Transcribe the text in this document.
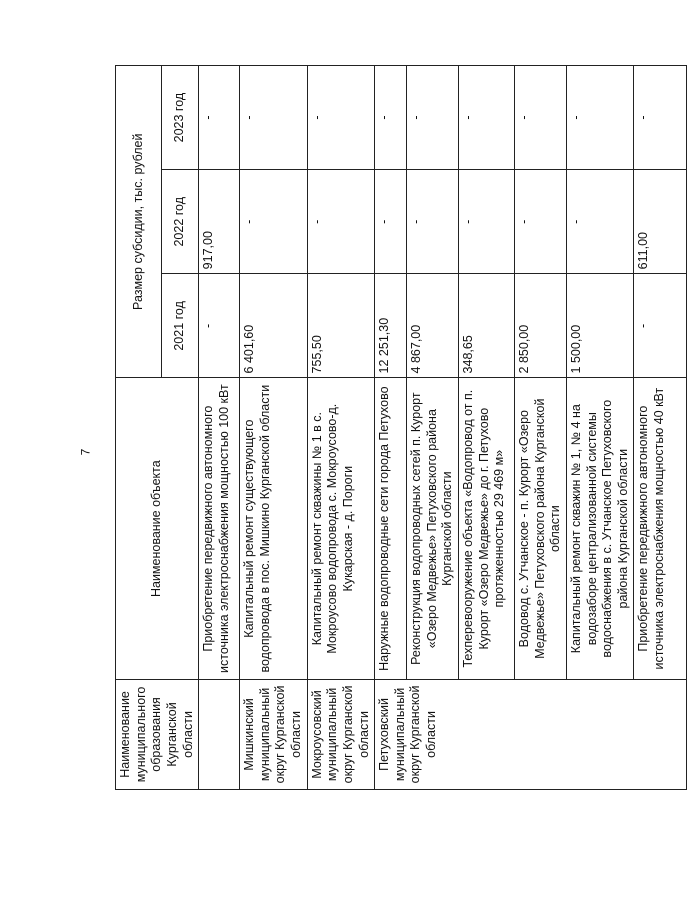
7
Наименование муниципального образования Курганской области	Наименование объекта	Размер субсидии, тыс. рублей		
		2021 год	2022 год	2023 год
	Приобретение передвижного автономного источника электроснабжения мощностью 100 кВт	-	917,00	-
Мишкинский муниципальный округ Курганской области	Капитальный ремонт существующего водопровода в пос. Мишкино Курганской области	6 401,60	-	-
Мокроусовский муниципальный округ Курганской области	Капитальный ремонт скважины № 1 в с. Мокроусово водопровода с. Мокроусово-д. Кукарская - д. Пороги	755,50	-	-
Петуховский муниципальный округ Курганской области	Наружные водопроводные сети города Петухово	12 251,30	-	-
	Реконструкция водопроводных сетей п. Курорт «Озеро Медвежье» Петуховского района Курганской области	4 867,00	-	-
	Техперевооружение объекта «Водопровод от п. Курорт «Озеро Медвежье» до г. Петухово протяженностью 29 469 м»	348,65	-	-
	Водовод с. Утчанское - п. Курорт «Озеро Медвежье» Петуховского района Курганской области	2 850,00	-	-
	Капитальный ремонт скважин № 1, № 4 на водозаборе централизованной системы водоснабжения в с. Утчанское Петуховского района Курганской области	1 500,00	-	-
	Приобретение передвижного автономного источника электроснабжения мощностью 40 кВт	-	611,00	-
